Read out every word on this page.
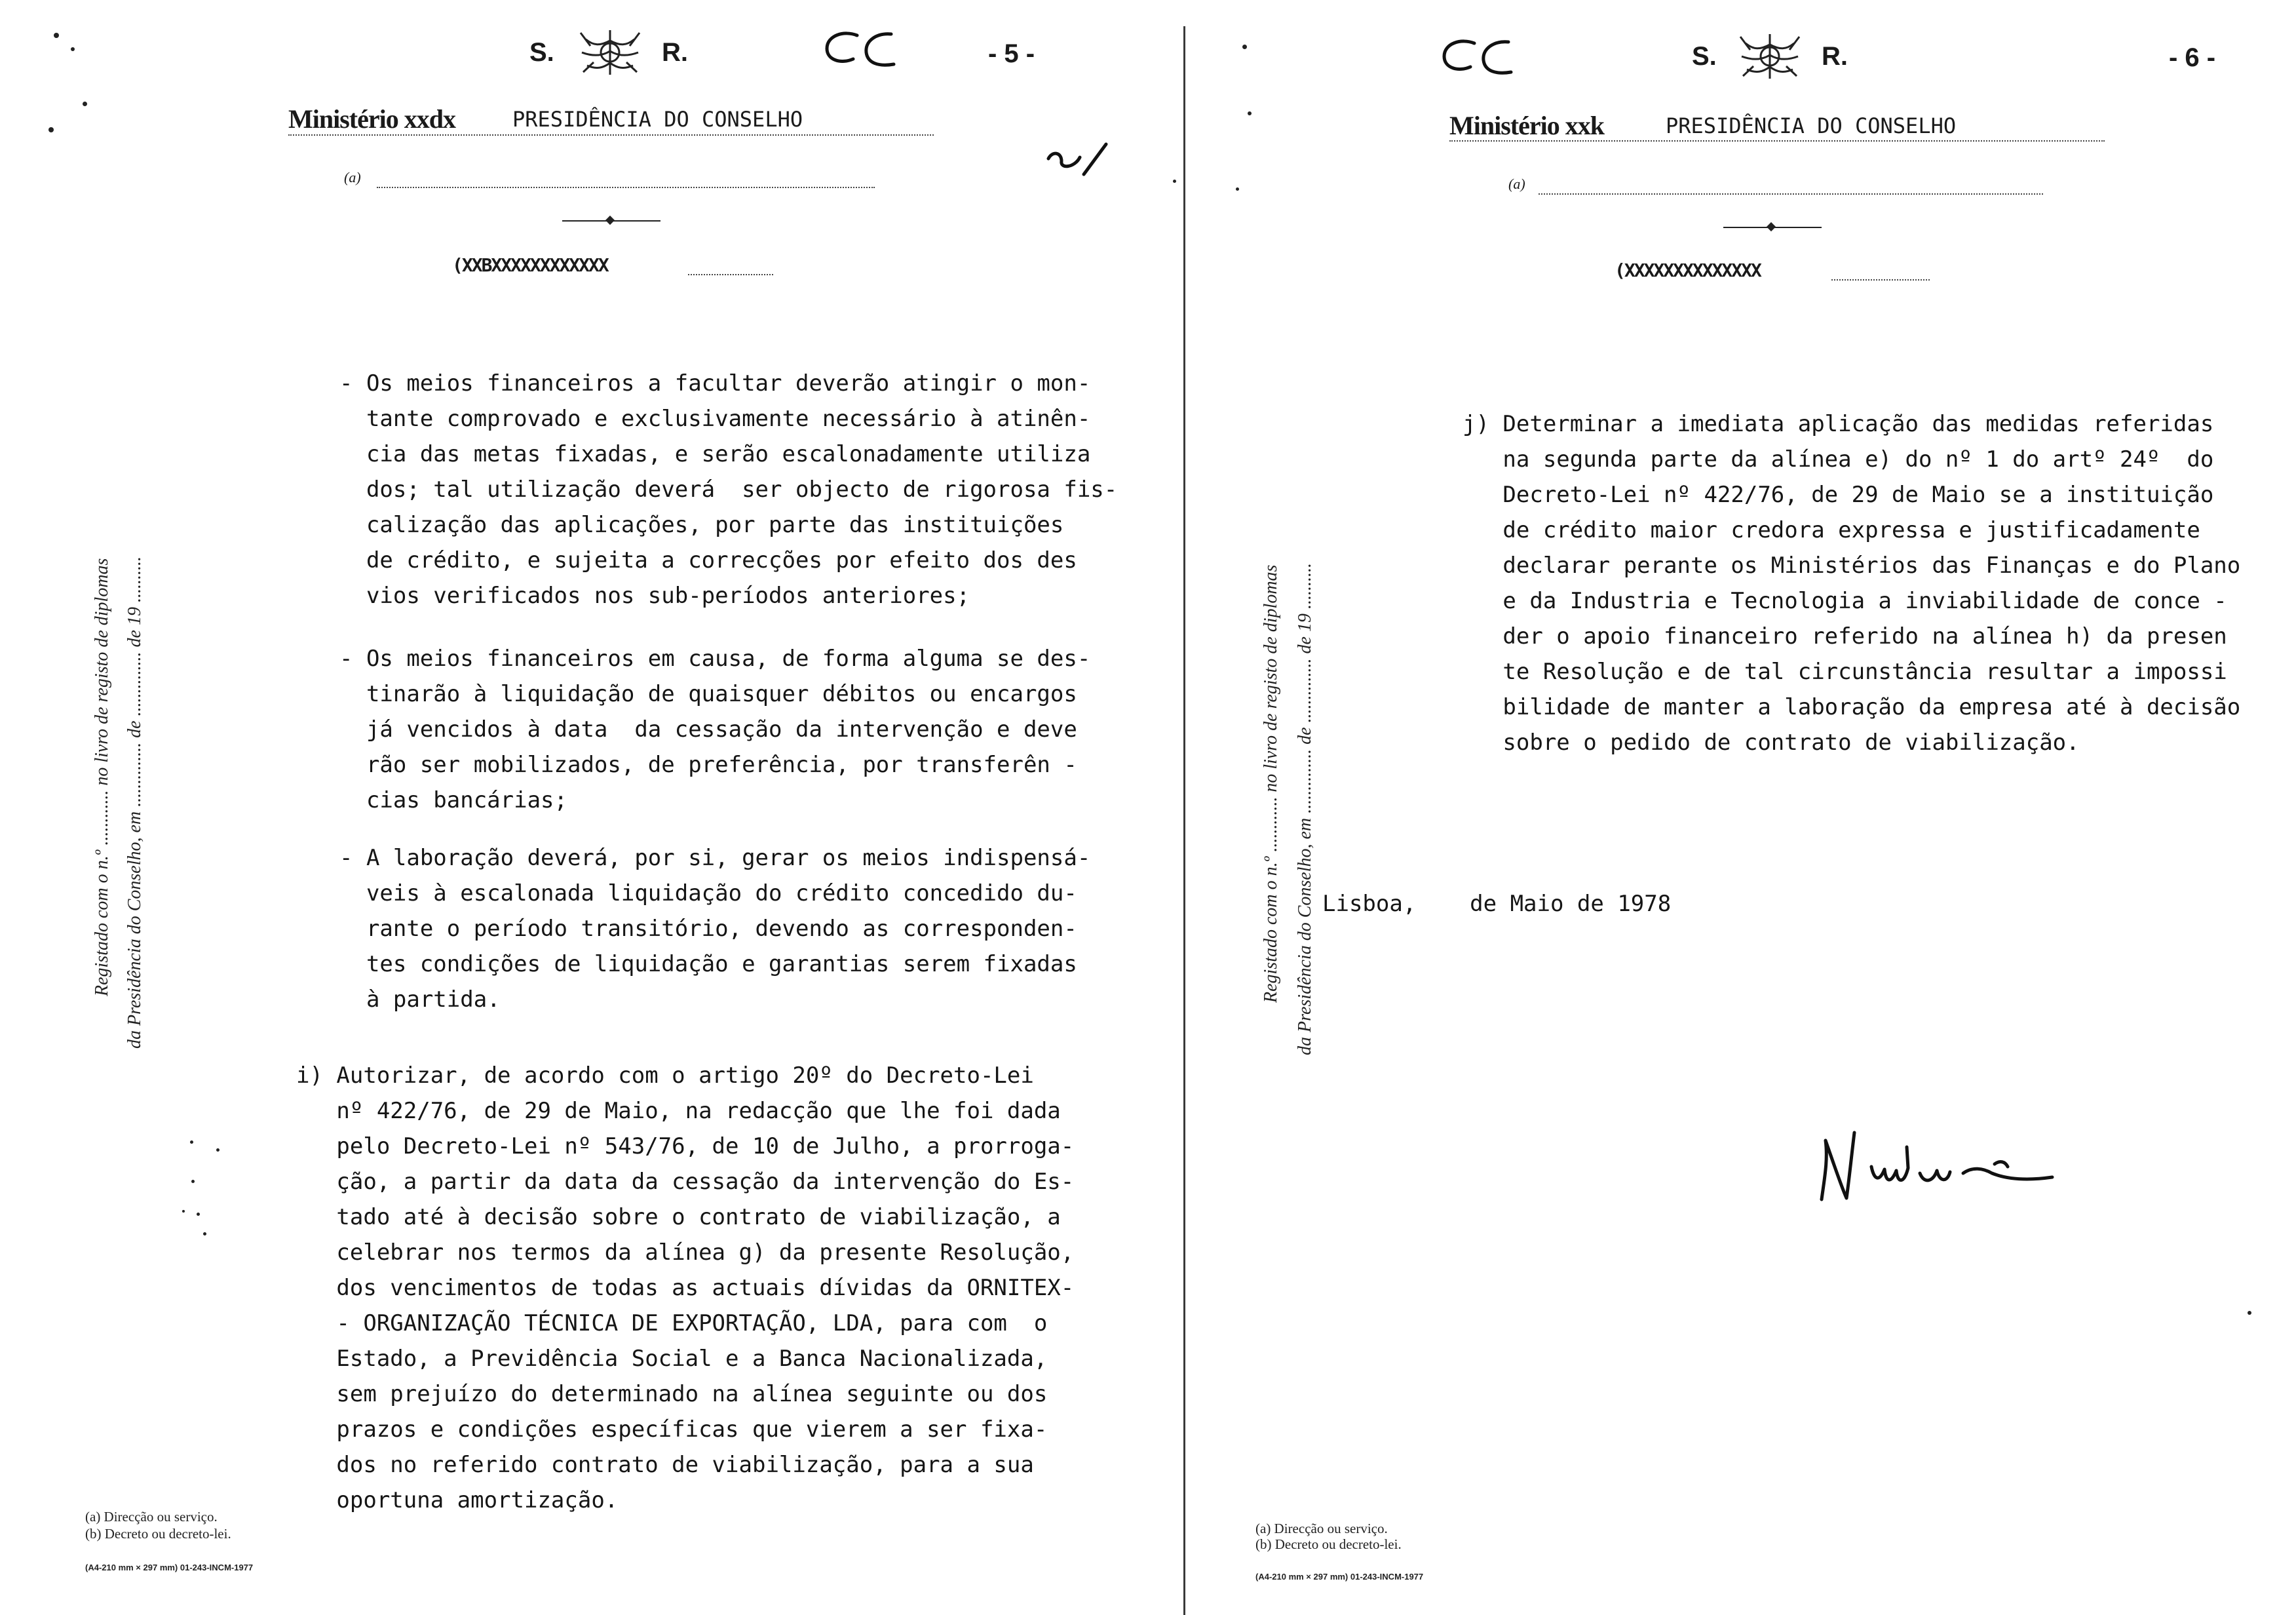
S.	R.	- 5 -
Ministério xxdx	PRESIDÊNCIA DO CONSELHO
(a)
(XXBXXXXXXXXXXXX
Registado com o n.º ............ no livro de registo de diplomas da Presidência do Conselho, em .............. de .............. de 19 ..........
- Os meios financeiros a facultar deverão atingir o mon-
tante comprovado e exclusivamente necessário à atinên-
cia das metas fixadas, e serão escalonadamente utiliza
dos; tal utilização deverá  ser objecto de rigorosa fis-
calização das aplicações, por parte das instituições
de crédito, e sujeita a correcções por efeito dos des
vios verificados nos sub-períodos anteriores;
- Os meios financeiros em causa, de forma alguma se des-
tinarão à liquidação de quaisquer débitos ou encargos
já vencidos à data  da cessação da intervenção e deve
rão ser mobilizados, de preferência, por transferên -
cias bancárias;
- A laboração deverá, por si, gerar os meios indispensá-
veis à escalonada liquidação do crédito concedido du-
rante o período transitório, devendo as corresponden-
tes condições de liquidação e garantias serem fixadas
à partida.
i) Autorizar, de acordo com o artigo 20º do Decreto-Lei
nº 422/76, de 29 de Maio, na redacção que lhe foi dada
pelo Decreto-Lei nº 543/76, de 10 de Julho, a prorroga-
ção, a partir da data da cessação da intervenção do Es-
tado até à decisão sobre o contrato de viabilização, a
celebrar nos termos da alínea g) da presente Resolução,
dos vencimentos de todas as actuais dívidas da ORNITEX-
- ORGANIZAÇÃO TÉCNICA DE EXPORTAÇÃO, LDA, para com  o
Estado, a Previdência Social e a Banca Nacionalizada,
sem prejuízo do determinado na alínea seguinte ou dos
prazos e condições específicas que vierem a ser fixa-
dos no referido contrato de viabilização, para a sua
oportuna amortização.
(a) Direcção ou serviço.
(b) Decreto ou decreto-lei.
(A4-210 mm × 297 mm) 01-243-INCM-1977
S.	R.	- 6 -
Ministério xxk	PRESIDÊNCIA DO CONSELHO
(a)
(XXXXXXXXXXXXXX
Registado com o n.º ............ no livro de registo de diplomas da Presidência do Conselho, em .............. de .............. de 19 ..........
j) Determinar a imediata aplicação das medidas referidas
na segunda parte da alínea e) do nº 1 do artº 24º  do
Decreto-Lei nº 422/76, de 29 de Maio se a instituição
de crédito maior credora expressa e justificadamente
declarar perante os Ministérios das Finanças e do Plano
e da Industria e Tecnologia a inviabilidade de conce -
der o apoio financeiro referido na alínea h) da presen
te Resolução e de tal circunstância resultar a impossi
bilidade de manter a laboração da empresa até à decisão
sobre o pedido de contrato de viabilização.
Lisboa,    de Maio de 1978
(a) Direcção ou serviço.
(b) Decreto ou decreto-lei.
(A4-210 mm × 297 mm) 01-243-INCM-1977
